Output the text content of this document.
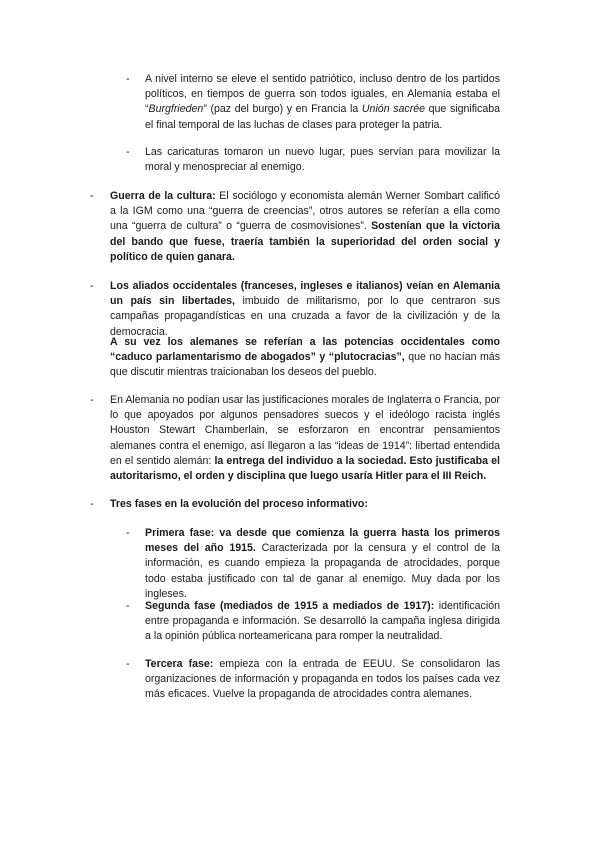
- A nivel interno se eleve el sentido patriótico, incluso dentro de los partidos políticos, en tiempos de guerra son todos iguales, en Alemania estaba el “Burgfrieden” (paz del burgo) y en Francia la Unión sacrée que significaba el final temporal de las luchas de clases para proteger la patria.
- Las caricaturas tomaron un nuevo lugar, pues servían para movilizar la moral y menospreciar al enemigo.
- Guerra de la cultura: El sociólogo y economista alemán Werner Sombart calificó a la IGM como una “guerra de creencias”, otros autores se referían a ella como una “guerra de cultura” o “guerra de cosmovisiones”. Sostenían que la victoria del bando que fuese, traería también la superioridad del orden social y político de quien ganara.
- Los aliados occidentales (franceses, ingleses e italianos) veían en Alemania un país sin libertades, imbuido de militarismo, por lo que centraron sus campañas propagandísticas en una cruzada a favor de la civilización y de la democracia.
A su vez los alemanes se referían a las potencias occidentales como “caduco parlamentarismo de abogados” y “plutocracias”, que no hacían más que discutir mientras traicionaban los deseos del pueblo.
- En Alemania no podían usar las justificaciones morales de Inglaterra o Francia, por lo que apoyados por algunos pensadores suecos y el ideólogo racista inglés Houston Stewart Chamberlain, se esforzaron en encontrar pensamientos alemanes contra el enemigo, así llegaron a las “ideas de 1914”: libertad entendida en el sentido alemán: la entrega del individuo a la sociedad. Esto justificaba el autoritarismo, el orden y disciplina que luego usaría Hitler para el III Reich.
- Tres fases en la evolución del proceso informativo:
- Primera fase: va desde que comienza la guerra hasta los primeros meses del año 1915. Caracterizada por la censura y el control de la información, es cuando empieza la propaganda de atrocidades, porque todo estaba justificado con tal de ganar al enemigo. Muy dada por los ingleses.
- Segunda fase (mediados de 1915 a mediados de 1917): identificación entre propaganda e información. Se desarrolló la campaña inglesa dirigida a la opinión pública norteamericana para romper la neutralidad.
- Tercera fase: empieza con la entrada de EEUU. Se consolidaron las organizaciones de información y propaganda en todos los países cada vez más eficaces. Vuelve la propaganda de atrocidades contra alemanes.
